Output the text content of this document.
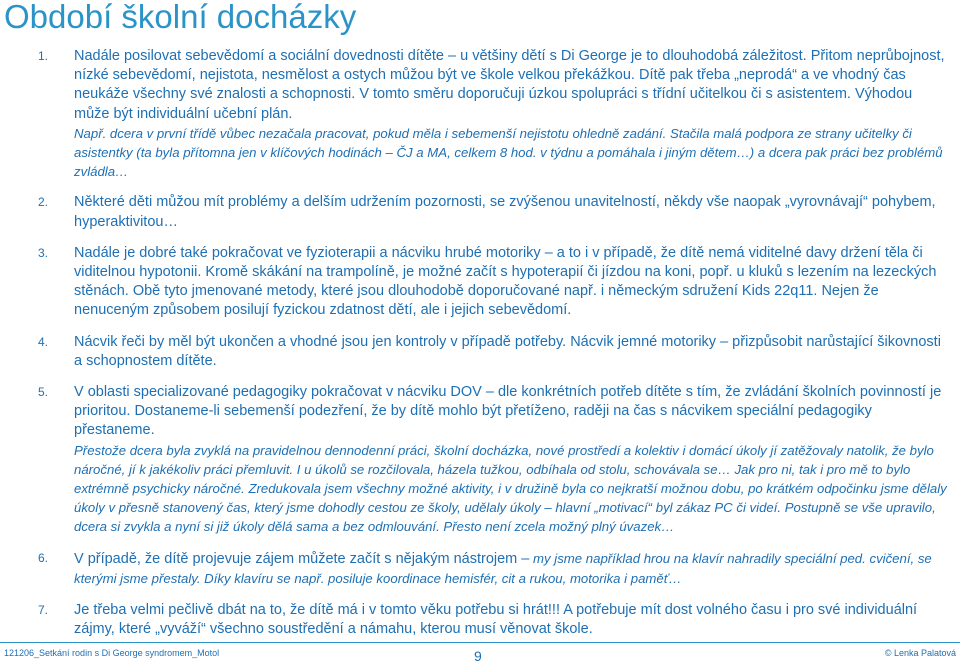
Období školní docházky
1. Nadále posilovat sebevědomí a sociální dovednosti dítěte – u většiny dětí s Di George je to dlouhodobá záležitost. Přitom neprůbojnost, nízké sebevědomí, nejistota, nesmělost a ostych můžou být ve škole velkou překážkou. Dítě pak třeba „neprodá“ a ve vhodný čas neukáže všechny své znalosti a schopnosti. V tomto směru doporučuji úzkou spolupráci s třídní učitelkou či s asistentem. Výhodou může být individuální učební plán.

Např. dcera v první třídě vůbec nezačala pracovat, pokud měla i sebemenší nejistotu ohledně zadání. Stačila malá podpora ze strany učitelky či asistentky (ta byla přítomna jen v klíčových hodinách – ČJ a MA, celkem 8 hod. v týdnu a pomáhala i jiným dětem…) a dcera pak práci bez problémů zvládla…

2. Některé děti můžou mít problémy a delším udržením pozornosti, se zvýšenou unavitelností, někdy vše naopak „vyrovnávají“ pohybem, hyperaktivitou…

3. Nadále je dobré také pokračovat ve fyzioterapii a nácviku hrubé motoriky – a to i v případě, že dítě nemá viditelné davy držení těla či viditelnou hypotonii. Kromě skákání na trampolíně, je možné začít s hypoterapií či jízdou na koni, popř. u kluků s lezením na lezeckých stěnách. Obě tyto jmenované metody, které jsou dlouhodobě doporučované např. i německým sdružení Kids 22q11. Nejen že nenuceným způsobem posilují fyzickou zdatnost dětí, ale i jejich sebevědomí.

4. Nácvik řeči by měl být ukončen a vhodné jsou jen kontroly v případě potřeby. Nácvik jemné motoriky – přizpůsobit narůstající šikovnosti a schopnostem dítěte.

5. V oblasti specializované pedagogiky pokračovat v nácviku DOV – dle konkrétních potřeb dítěte s tím, že zvládání školních povinností je prioritou. Dostaneme-li sebemenší podezření, že by dítě mohlo být přetíženo, raději na čas s nácvikem speciální pedagogiky přestaneme.

Přestože dcera byla zvyklá na pravidelnou dennodenní práci, školní docházka, nové prostředí a kolektiv i domácí úkoly jí zatěžovaly natolik, že bylo náročné, jí k jakékoliv práci přemluvit. I u úkolů se rozčilovala, házela tužkou, odbíhala od stolu, schovávala se… Jak pro ni, tak i pro mě to bylo extrémně psychicky náročné. Zredukovala jsem všechny možné aktivity, i v družině byla co nejkratší možnou dobu, po krátkém odpočinku jsme dělaly úkoly v přesně stanovený čas, který jsme dohodly cestou ze školy, udělaly úkoly – hlavní „motivací“ byl zákaz PC či videí. Postupně se vše upravilo, dcera si zvykla a nyní si již úkoly dělá sama a bez odmlouvání. Přesto není zcela možný plný úvazek…

6. V případě, že dítě projevuje zájem můžete začít s nějakým nástrojem – my jsme například hrou na klavír nahradily speciální ped. cvičení, se kterými jsme přestaly. Díky klavíru se např. posiluje koordinace hemisfér, cit a rukou, motorika i paměť…

7. Je třeba velmi pečlivě dbát na to, že dítě má i v tomto věku potřebu si hrát!!! A potřebuje mít dost volného času i pro své individuální zájmy, které „vyváží“ všechno soustředění a námahu, kterou musí věnovat škole.

121206_Setkání rodin s Di George syndromem_Motol	9	© Lenka Palatová
